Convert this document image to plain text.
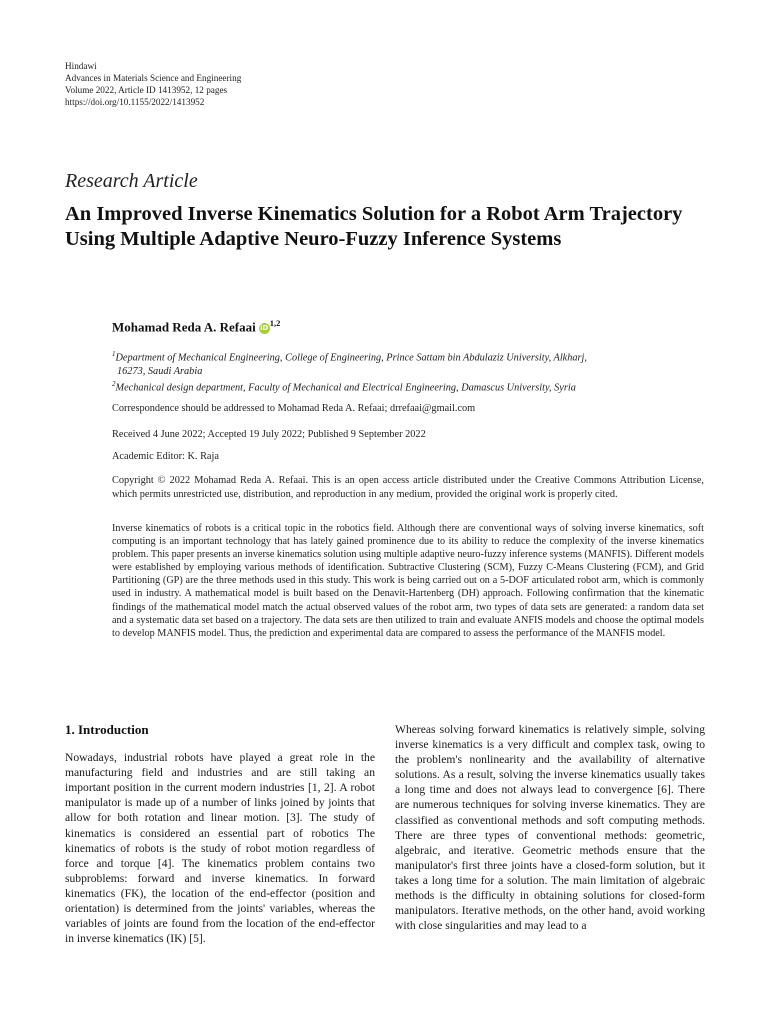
Hindawi
Advances in Materials Science and Engineering
Volume 2022, Article ID 1413952, 12 pages
https://doi.org/10.1155/2022/1413952
Research Article
An Improved Inverse Kinematics Solution for a Robot Arm Trajectory Using Multiple Adaptive Neuro-Fuzzy Inference Systems
Mohamad Reda A. Refaai iD$^{1,2}$

$^1$Department of Mechanical Engineering, College of Engineering, Prince Sattam bin Abdulaziz University, Alkharj,

16273, Saudi Arabia

$^2$Mechanical design department, Faculty of Mechanical and Electrical Engineering, Damascus University, Syria

Correspondence should be addressed to Mohamad Reda A. Refaai; drrefaai@gmail.com
Received 4 June 2022; Accepted 19 July 2022; Published 9 September 2022
Academic Editor: K. Raja
Copyright © 2022 Mohamad Reda A. Refaai. This is an open access article distributed under the Creative Commons Attribution License, which permits unrestricted use, distribution, and reproduction in any medium, provided the original work is properly cited.
Inverse kinematics of robots is a critical topic in the robotics field. Although there are conventional ways of solving inverse kinematics, soft computing is an important technology that has lately gained prominence due to its ability to reduce the complexity of the inverse kinematics problem. This paper presents an inverse kinematics solution using multiple adaptive neuro-fuzzy inference systems (MANFIS). Different models were established by employing various methods of identification. Subtractive Clustering (SCM), Fuzzy C-Means Clustering (FCM), and Grid Partitioning (GP) are the three methods used in this study. This work is being carried out on a 5-DOF articulated robot arm, which is commonly used in industry. A mathematical model is built based on the Denavit-Hartenberg (DH) approach. Following confirmation that the kinematic findings of the mathematical model match the actual observed values of the robot arm, two types of data sets are generated: a random data set and a systematic data set based on a trajectory. The data sets are then utilized to train and evaluate ANFIS models and choose the optimal models to develop MANFIS model. Thus, the prediction and experimental data are compared to assess the performance of the MANFIS model.
1. Introduction

Nowadays, industrial robots have played a great role in the manufacturing field and industries and are still taking an important position in the current modern industries [1, 2]. A robot manipulator is made up of a number of links joined by joints that allow for both rotation and linear motion. [3]. The study of kinematics is considered an essential part of robotics The kinematics of robots is the study of robot motion regardless of force and torque [4]. The kinematics problem contains two subproblems: forward and inverse kinematics. In forward kinematics (FK), the location of the end-effector (position and orientation) is determined from the joints' variables, whereas the variables of joints are found from the location of the end-effector in inverse kinematics (IK) [5].

Whereas solving forward kinematics is relatively simple, solving inverse kinematics is a very difficult and complex task, owing to the problem's nonlinearity and the availability of alternative solutions. As a result, solving the inverse kinematics usually takes a long time and does not always lead to convergence [6]. There are numerous techniques for solving inverse kinematics. They are classified as conventional methods and soft computing methods. There are three types of conventional methods: geometric, algebraic, and iterative. Geometric methods ensure that the manipulator's first three joints have a closed-form solution, but it takes a long time for a solution. The main limitation of algebraic methods is the difficulty in obtaining solutions for closed-form manipulators. Iterative methods, on the other hand, avoid working with close singularities and may lead to a
